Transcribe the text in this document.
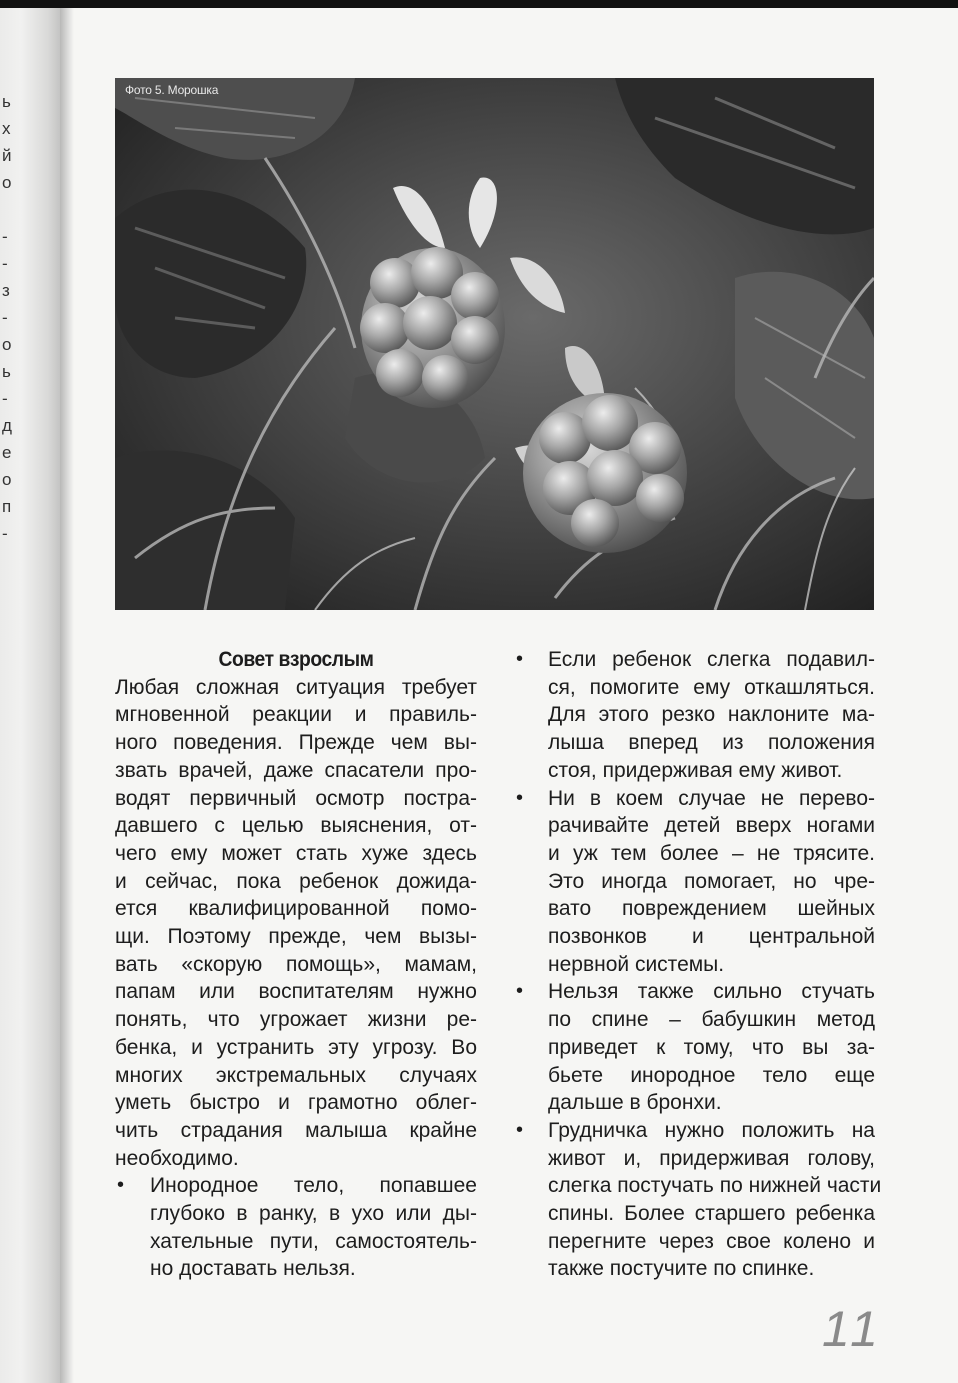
ь
х
й
о
-
-
з
-
о
ь
-
д
е
о
п
-
Фото 5. Морошка
Совет взрослым
Любая сложная ситуация требует
мгновенной реакции и правиль-
ного поведения. Прежде чем вы-
звать врачей, даже спасатели про-
водят первичный осмотр постра-
давшего с целью выяснения, от-
чего ему может стать хуже здесь
и сейчас, пока ребенок дожида-
ется квалифицированной помо-
щи. Поэтому прежде, чем вызы-
вать «скорую помощь», мамам,
папам или воспитателям нужно
понять, что угрожает жизни ре-
бенка, и устранить эту угрозу. Во
многих экстремальных случаях
уметь быстро и грамотно облег-
чить страдания малыша крайне
необходимо.
• Инородное тело, попавшее
глубоко в ранку, в ухо или ды-
хательные пути, самостоятель-
но доставать нельзя.
• Если ребенок слегка подавил-
ся, помогите ему откашляться.
Для этого резко наклоните ма-
лыша вперед из положения
стоя, придерживая ему живот.
• Ни в коем случае не перево-
рачивайте детей вверх ногами
и уж тем более – не трясите.
Это иногда помогает, но чре-
вато повреждением шейных
позвонков и центральной
нервной системы.
• Нельзя также сильно стучать
по спине – бабушкин метод
приведет к тому, что вы за-
бьете инородное тело еще
дальше в бронхи.
• Грудничка нужно положить на
живот и, придерживая голову,
слегка постучать по нижней части
спины. Более старшего ребенка
перегните через свое колено и
также постучите по спинке.
11
